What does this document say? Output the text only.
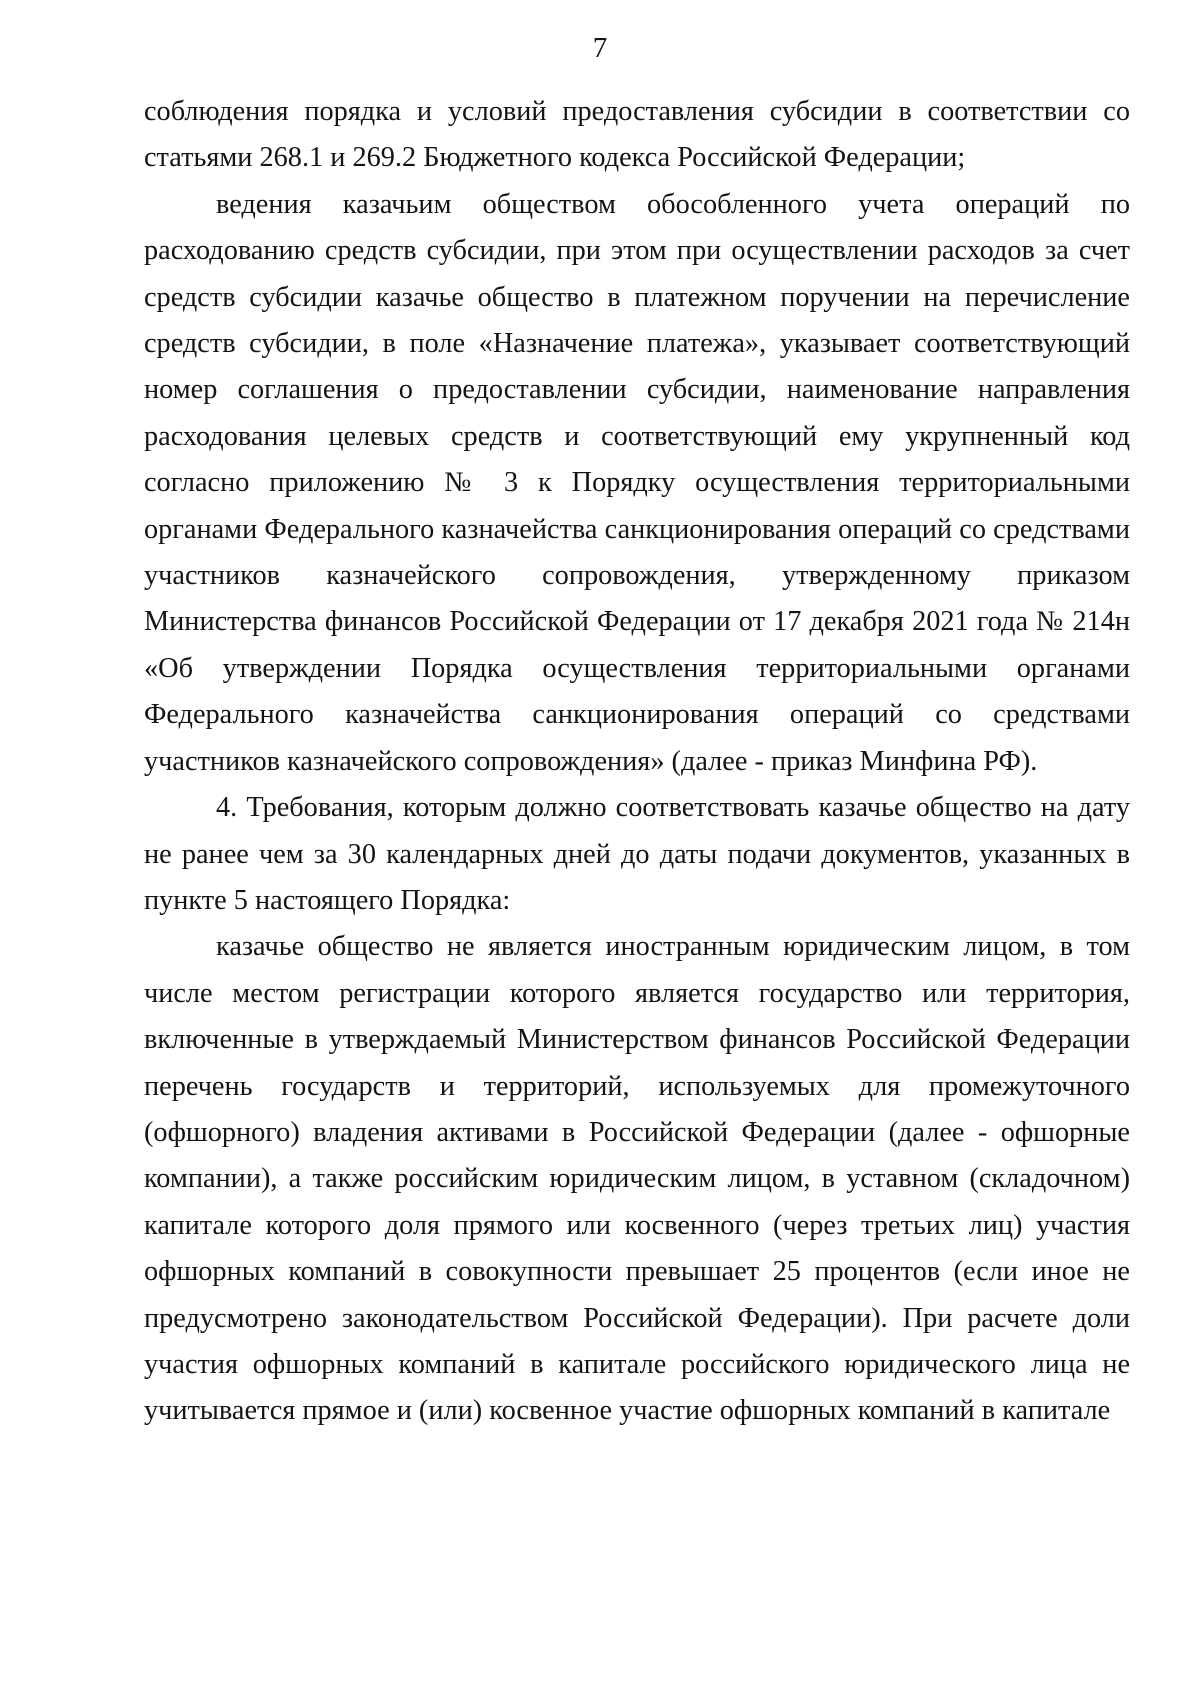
7

соблюдения порядка и условий предоставления субсидии в соответствии со статьями 268.1 и 269.2 Бюджетного кодекса Российской Федерации;

ведения казачьим обществом обособленного учета операций по расходованию средств субсидии, при этом при осуществлении расходов за счет средств субсидии казачье общество в платежном поручении на перечисление средств субсидии, в поле «Назначение платежа», указывает соответствующий номер соглашения о предоставлении субсидии, наименование направления расходования целевых средств и соответствующий ему укрупненный код согласно приложению № 3 к Порядку осуществления территориальными органами Федерального казначейства санкционирования операций со средствами участников казначейского сопровождения, утвержденному приказом Министерства финансов Российской Федерации от 17 декабря 2021 года № 214н «Об утверждении Порядка осуществления территориальными органами Федерального казначейства санкционирования операций со средствами участников казначейского сопровождения» (далее - приказ Минфина РФ).

4. Требования, которым должно соответствовать казачье общество на дату не ранее чем за 30 календарных дней до даты подачи документов, указанных в пункте 5 настоящего Порядка:

казачье общество не является иностранным юридическим лицом, в том числе местом регистрации которого является государство или территория, включенные в утверждаемый Министерством финансов Российской Федерации перечень государств и территорий, используемых для промежуточного (офшорного) владения активами в Российской Федерации (далее - офшорные компании), а также российским юридическим лицом, в уставном (складочном) капитале которого доля прямого или косвенного (через третьих лиц) участия офшорных компаний в совокупности превышает 25 процентов (если иное не предусмотрено законодательством Российской Федерации). При расчете доли участия офшорных компаний в капитале российского юридического лица не учитывается прямое и (или) косвенное участие офшорных компаний в капитале
